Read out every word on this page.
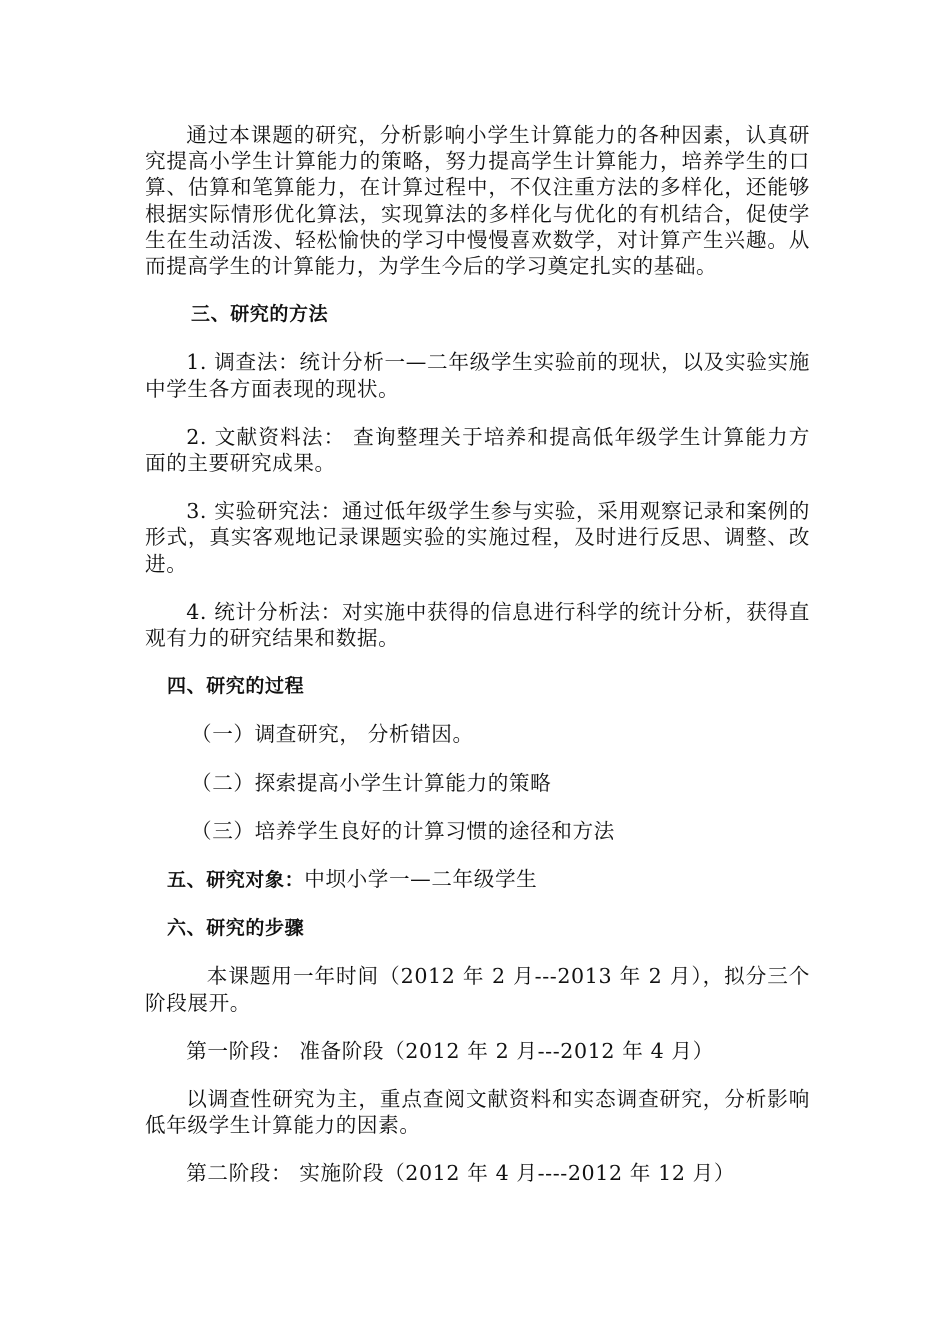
通过本课题的研究，分析影响小学生计算能力的各种因素，认真研究提高小学生计算能力的策略，努力提高学生计算能力，培养学生的口算、估算和笔算能力，在计算过程中，不仅注重方法的多样化，还能够根据实际情形优化算法，实现算法的多样化与优化的有机结合，促使学生在生动活泼、轻松愉快的学习中慢慢喜欢数学，对计算产生兴趣。从而提高学生的计算能力，为学生今后的学习奠定扎实的基础。

三、研究的方法

1. 调查法：统计分析一—二年级学生实验前的现状，以及实验实施中学生各方面表现的现状。

2. 文献资料法： 查询整理关于培养和提高低年级学生计算能力方面的主要研究成果。

3. 实验研究法：通过低年级学生参与实验，采用观察记录和案例的形式，真实客观地记录课题实验的实施过程，及时进行反思、调整、改进。

4. 统计分析法：对实施中获得的信息进行科学的统计分析，获得直观有力的研究结果和数据。

四、研究的过程

（一）调查研究， 分析错因。

（二）探索提高小学生计算能力的策略

（三）培养学生良好的计算习惯的途径和方法

五、研究对象：中坝小学一—二年级学生

六、研究的步骤

本课题用一年时间（2012 年 2 月---2013 年 2 月），拟分三个阶段展开。

第一阶段： 准备阶段（2012 年 2 月---2012 年 4 月）

以调查性研究为主，重点查阅文献资料和实态调查研究，分析影响低年级学生计算能力的因素。

第二阶段： 实施阶段（2012 年 4 月----2012 年 12 月）
